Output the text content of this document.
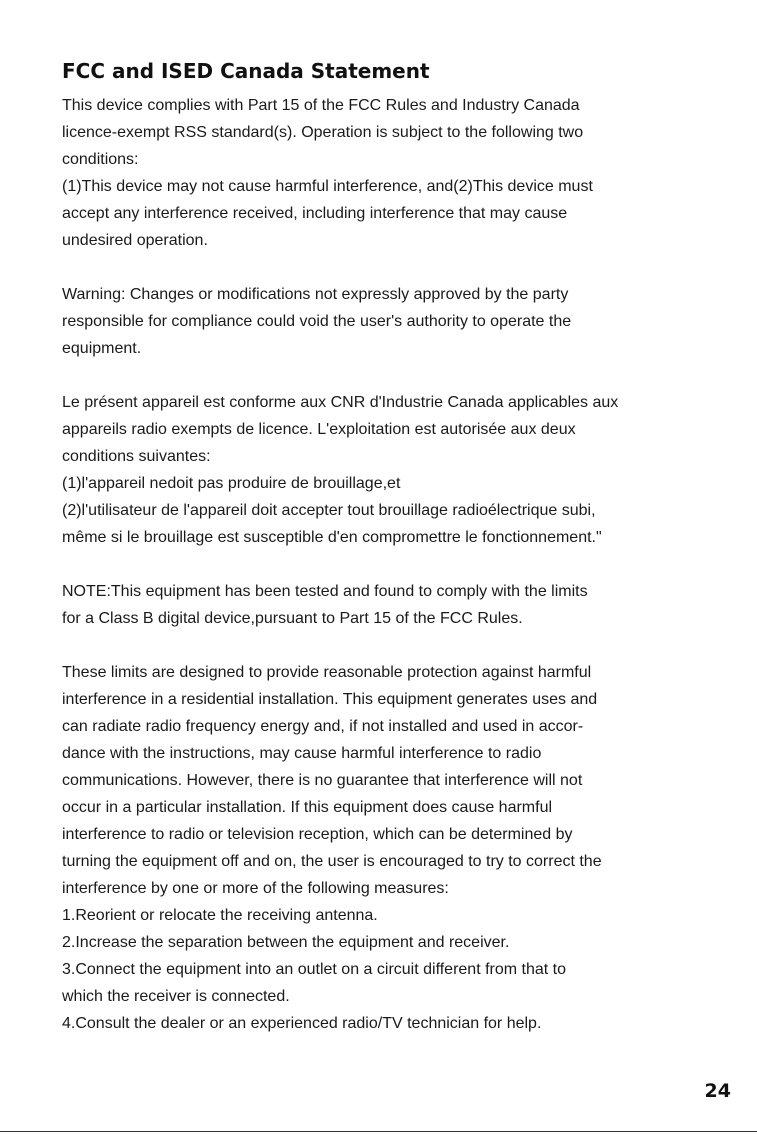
FCC and ISED Canada Statement

This device complies with Part 15 of the FCC Rules and Industry Canada

licence-exempt RSS standard(s). Operation is subject to the following two

conditions:

(1)This device may not cause harmful interference, and(2)This device must

accept any interference received, including interference that may cause

undesired operation.

Warning: Changes or modifications not expressly approved by the party

responsible for compliance could void the user's authority to operate the

equipment.

Le présent appareil est conforme aux CNR d'Industrie Canada applicables aux

appareils radio exempts de licence. L'exploitation est autorisée aux deux

conditions suivantes:

(1)l'appareil nedoit pas produire de brouillage,et

(2)l'utilisateur de l'appareil doit accepter tout brouillage radioélectrique subi,

même si le brouillage est susceptible d'en compromettre le fonctionnement."

NOTE:This equipment has been tested and found to comply with the limits

for a Class B digital device,pursuant to Part 15 of the FCC Rules.

These limits are designed to provide reasonable protection against harmful

interference in a residential installation. This equipment generates uses and

can radiate radio frequency energy and, if not installed and used in accor-

dance with the instructions, may cause harmful interference to radio

communications. However, there is no guarantee that interference will not

occur in a particular installation. If this equipment does cause harmful

interference to radio or television reception, which can be determined by

turning the equipment off and on, the user is encouraged to try to correct the

interference by one or more of the following measures:

1.Reorient or relocate the receiving antenna.

2.Increase the separation between the equipment and receiver.

3.Connect the equipment into an outlet on a circuit different from that to

which the receiver is connected.

4.Consult the dealer or an experienced radio/TV technician for help.

24
